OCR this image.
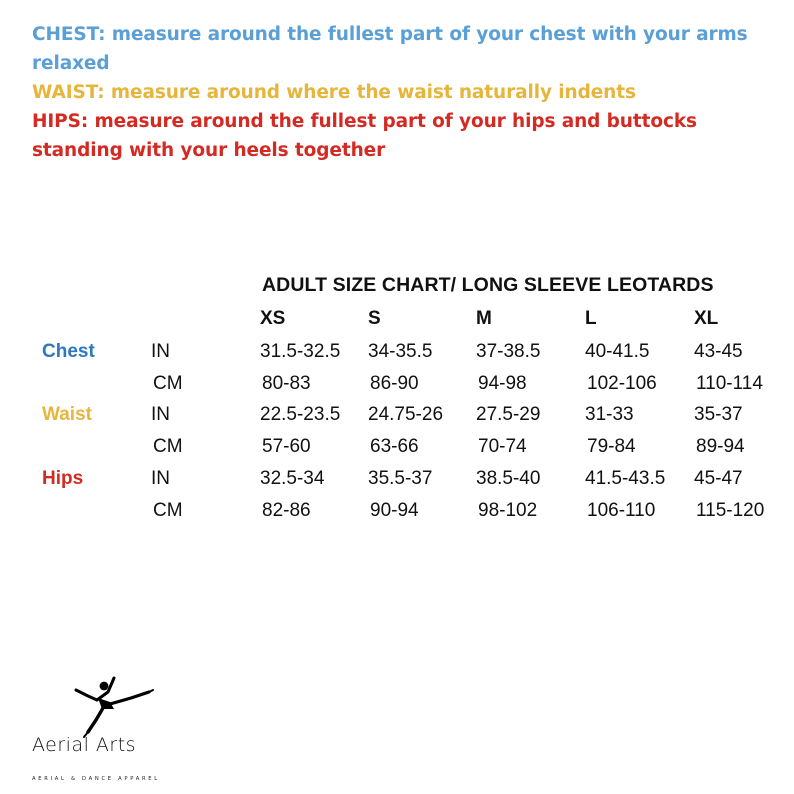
CHEST: measure around the fullest part of your chest with your arms relaxed

WAIST: measure around where the waist naturally indents

HIPS: measure around the fullest part of your hips and buttocks standing with your heels together

ADULT SIZE CHART/ LONG SLEEVE LEOTARDS
XS	S	M	L	XL
Chest	IN	31.5-32.5 34-35.5 37-38.5 40-41.5 43-45
CM	80-83	86-90	94-98	102-106 110-114
Waist	IN	22.5-23.5 24.75-26 27.5-29 31-33	35-37
CM	57-60	63-66	70-74	79-84	89-94
Hips	IN	32.5-34 35.5-37 38.5-40 41.5-43.5 45-47
CM	82-86	90-94	98-102	106-110 115-120
Aerial Arts
AERIAL & DANCE APPAREL
